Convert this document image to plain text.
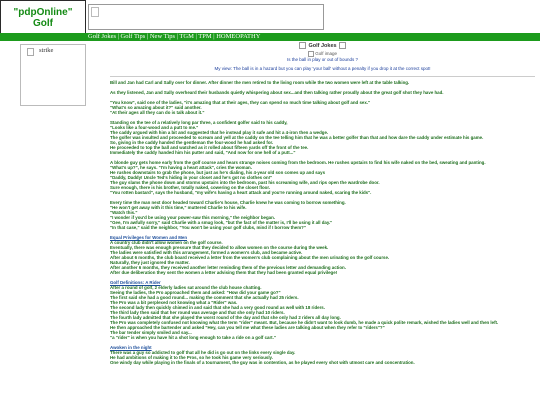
"pdpOnline"
Golf
Golf Jokes | Golf Tips | New Tips | TGM | TPM | HOMEOPATHY
strike
Golf Jokes
Golf image
Is the ball in play or out of bounds ?
My view: The ball is in a hazard but you can play 'your ball' without a penalty if you drop it at the correct spot!
Bill and Jan had Carl and Sally over for dinner. After dinner the men retired to the living room while the two women were left at the table talking.
As they listened, Jan and Sally overheard their husbands quietly whispering about sex...and then talking rather proudly about the great golf shot they have had.
"You know", said one of the ladies, "it's amazing that at their ages, they can spend so much time talking about golf and sex."
"What's so amazing about it?" said another.
"At their ages all they can do is talk about it."
Standing on the tee of a relatively long par three, a confident golfer said to his caddy,
"Looks like a four-wood and a putt to me."
The caddy argued with him a bit and suggested that he instead play it safe and hit a 4-iron then a wedge.
The golfer was insulted and proceeded to scream and yell at the caddy on the tee telling him that he was a better golfer than that and how dare the caddy under estimate his game.
So, giving in the caddy handed the gentleman the four-wood he had asked for.
He proceeded to top the ball and watched as it rolled about fifteen yards off the front of the tee.
Immediately the caddy handed him his putter and said, "And now for one hell of a putt..."
A blonde guy gets home early from the golf course and hears strange noises coming from the bedroom. He rushes upstairs to find his wife naked on the bed, sweating and panting.
"What's up?", he says. "I'm having a heart attack", cries the woman.
He rushes downstairs to grab the phone, but just as he's dialing, his 4-year old son comes up and says
"Daddy, Daddy! Uncle Ted's hiding in your closet and he's got no clothes on!"
The guy slams the phone down and storms upstairs into the bedroom, past his screaming wife, and rips open the wardrobe door.
Sure enough, there is his brother, totally naked, cowering on the closet floor.
"You rotten bastard", says the husband, "my wife's having a heart attack and you're running around naked, scaring the kids".
Every time the man next door headed toward Charlie's house, Charlie knew he was coming to borrow something.
"He won't get away with it this time," muttered Charlie to his wife.
"Watch this."
"I wonder if you'd be using your power-saw this morning," the neighbor began.
"Gee, I'm awfully sorry," said Charlie with a smug look, "but the fact of the matter is, I'll be using it all day."
"In that case," said the neighbor, "You won't be using your golf clubs, mind if I borrow them?"
Equal Privileges for Women and Men
A country club didn't allow women on the golf course.
Eventually, there was enough pressure that they decided to allow women on the course during the week.
The ladies were satisfied with this arrangement, formed a women's club, and became active.
After about 6 months, the club board received a letter from the women's club complaining about the men urinating on the golf course.
Naturally, they just ignored the matter.
After another 6 months, they received another letter reminding them of the previous letter and demanding action.
After due deliberation they sent the women a letter advising them that they had been granted equal privilege!
Golf Definitions: A Rider
After a round of golf, 2 elderly ladies sat around the club house chatting.
Seeing the ladies, the Pro approached them and asked: "How did your game go?"
The first said she had a good round... making the comment that she actually had 25 riders.
The Pro was a bit perplexed not knowing what a "Rider" was.
The second lady then quickly chimed in and said that she had a very good round as well with 18 riders.
The third lady then said that her round was average and that she only had 10 riders.
The fourth lady admitted that she played the worst round of the day and that she only had 2 riders all day long.
The Pro was completely confused not knowing what the term "rider" meant. But, because he didn't want to look dumb, he made a quick polite remark, wished the ladies well and then left.
He then approached the bartender and asked "Hey, can you tell me what these ladies are talking about when they refer to "riders"?"
The bar tender simply smiled and say...
"a "rider" is when you have hit a shot long enough to take a ride on a golf cart."
Awoken in the night
There was a guy so addicted to golf that all he did is go out on the links every single day.
He had ambitions of making it to the Pros, so he took his game very seriously.
One windy day while playing in the finals of a tournament, the guy was in contention, as he played every shot with utmost care and concentration.
